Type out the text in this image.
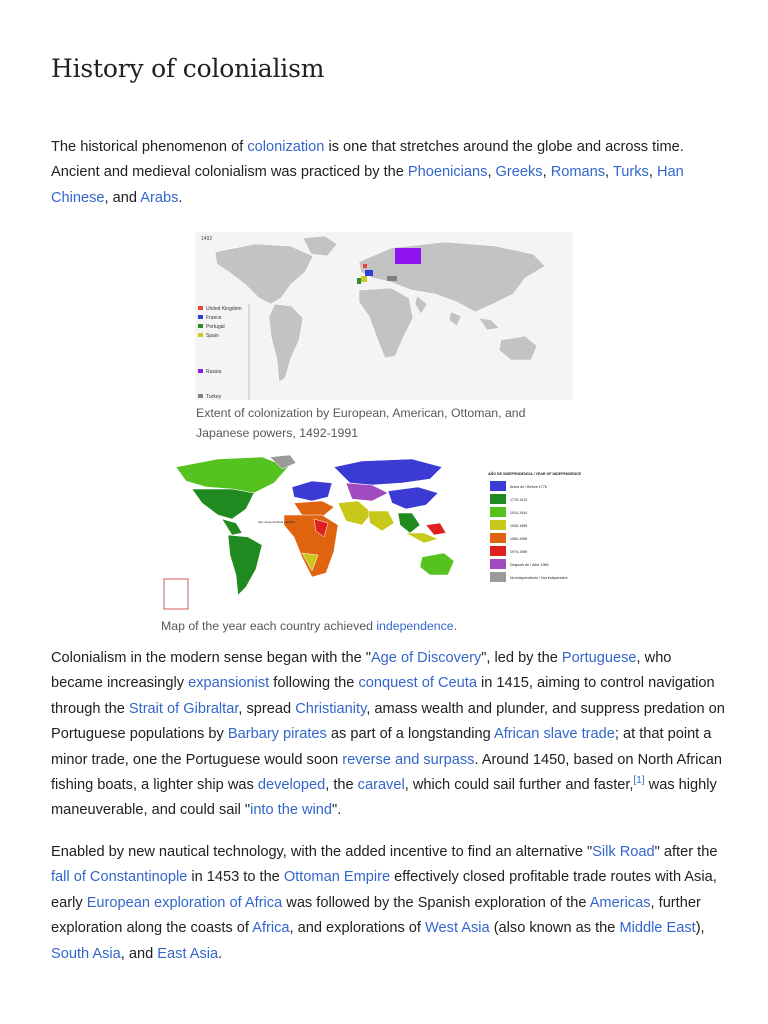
History of colonialism

The historical phenomenon of colonization is one that stretches around the globe and across time. Ancient and medieval colonialism was practiced by the Phoenicians, Greeks, Romans, Turks, Han Chinese, and Arabs.

1492
United Kingdom
France
Portugal
Spain
Russia
Turkey

Extent of colonization by European, American, Ottoman, and Japanese powers, 1492-1991

Sáo Jorge da Mina / Elmina
AÑO DE INDEPENDENCIA / YEAR OF INDEPENDENCE
Antes de / Before 1776
1776-1913
1914-1944
1945-1959
1960-1969
1970-1989
Después de / After 1989
No independiente / Not independent

Map of the year each country achieved independence.

Colonialism in the modern sense began with the "Age of Discovery", led by the Portuguese, who became increasingly expansionist following the conquest of Ceuta in 1415, aiming to control navigation through the Strait of Gibraltar, spread Christianity, amass wealth and plunder, and suppress predation on Portuguese populations by Barbary pirates as part of a longstanding African slave trade; at that point a minor trade, one the Portuguese would soon reverse and surpass. Around 1450, based on North African fishing boats, a lighter ship was developed, the caravel, which could sail further and faster,[1] was highly maneuverable, and could sail "into the wind".

Enabled by new nautical technology, with the added incentive to find an alternative "Silk Road" after the fall of Constantinople in 1453 to the Ottoman Empire effectively closed profitable trade routes with Asia, early European exploration of Africa was followed by the Spanish exploration of the Americas, further exploration along the coasts of Africa, and explorations of West Asia (also known as the Middle East), South Asia, and East Asia.
